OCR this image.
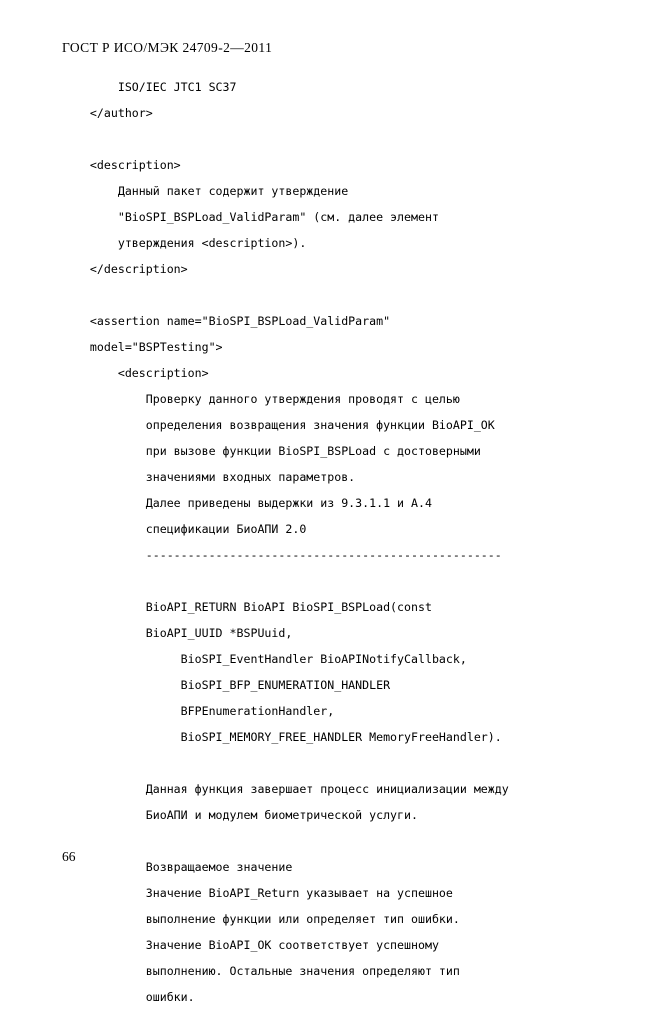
ГОСТ Р ИСО/МЭК 24709-2—2011
ISO/IEC JTC1 SC37
</author>
<description>
Данный пакет содержит утверждение
"BioSPI_BSPLoad_ValidParam" (см. далее элемент
утверждения <description>).
</description>
<assertion name="BioSPI_BSPLoad_ValidParam"
model="BSPTesting">
<description>
Проверку данного утверждения проводят с целью
определения возвращения значения функции BioAPI_OK
при вызове функции BioSPI_BSPLoad с достоверными
значениями входных параметров.
Далее приведены выдержки из 9.3.1.1 и А.4
спецификации БиоАПИ 2.0
---------------------------------------------------
BioAPI_RETURN BioAPI BioSPI_BSPLoad(const
BioAPI_UUID *BSPUuid,
BioSPI_EventHandler BioAPINotifyCallback,
BioSPI_BFP_ENUMERATION_HANDLER
BFPEnumerationHandler,
BioSPI_MEMORY_FREE_HANDLER MemoryFreeHandler).
Данная функция завершает процесс инициализации между
БиоАПИ и модулем биометрической услуги.
Возвращаемое значение
Значение BioAPI_Return указывает на успешное
выполнение функции или определяет тип ошибки.
Значение BioAPI_OK соответствует успешному
выполнению. Остальные значения определяют тип
ошибки.
66
